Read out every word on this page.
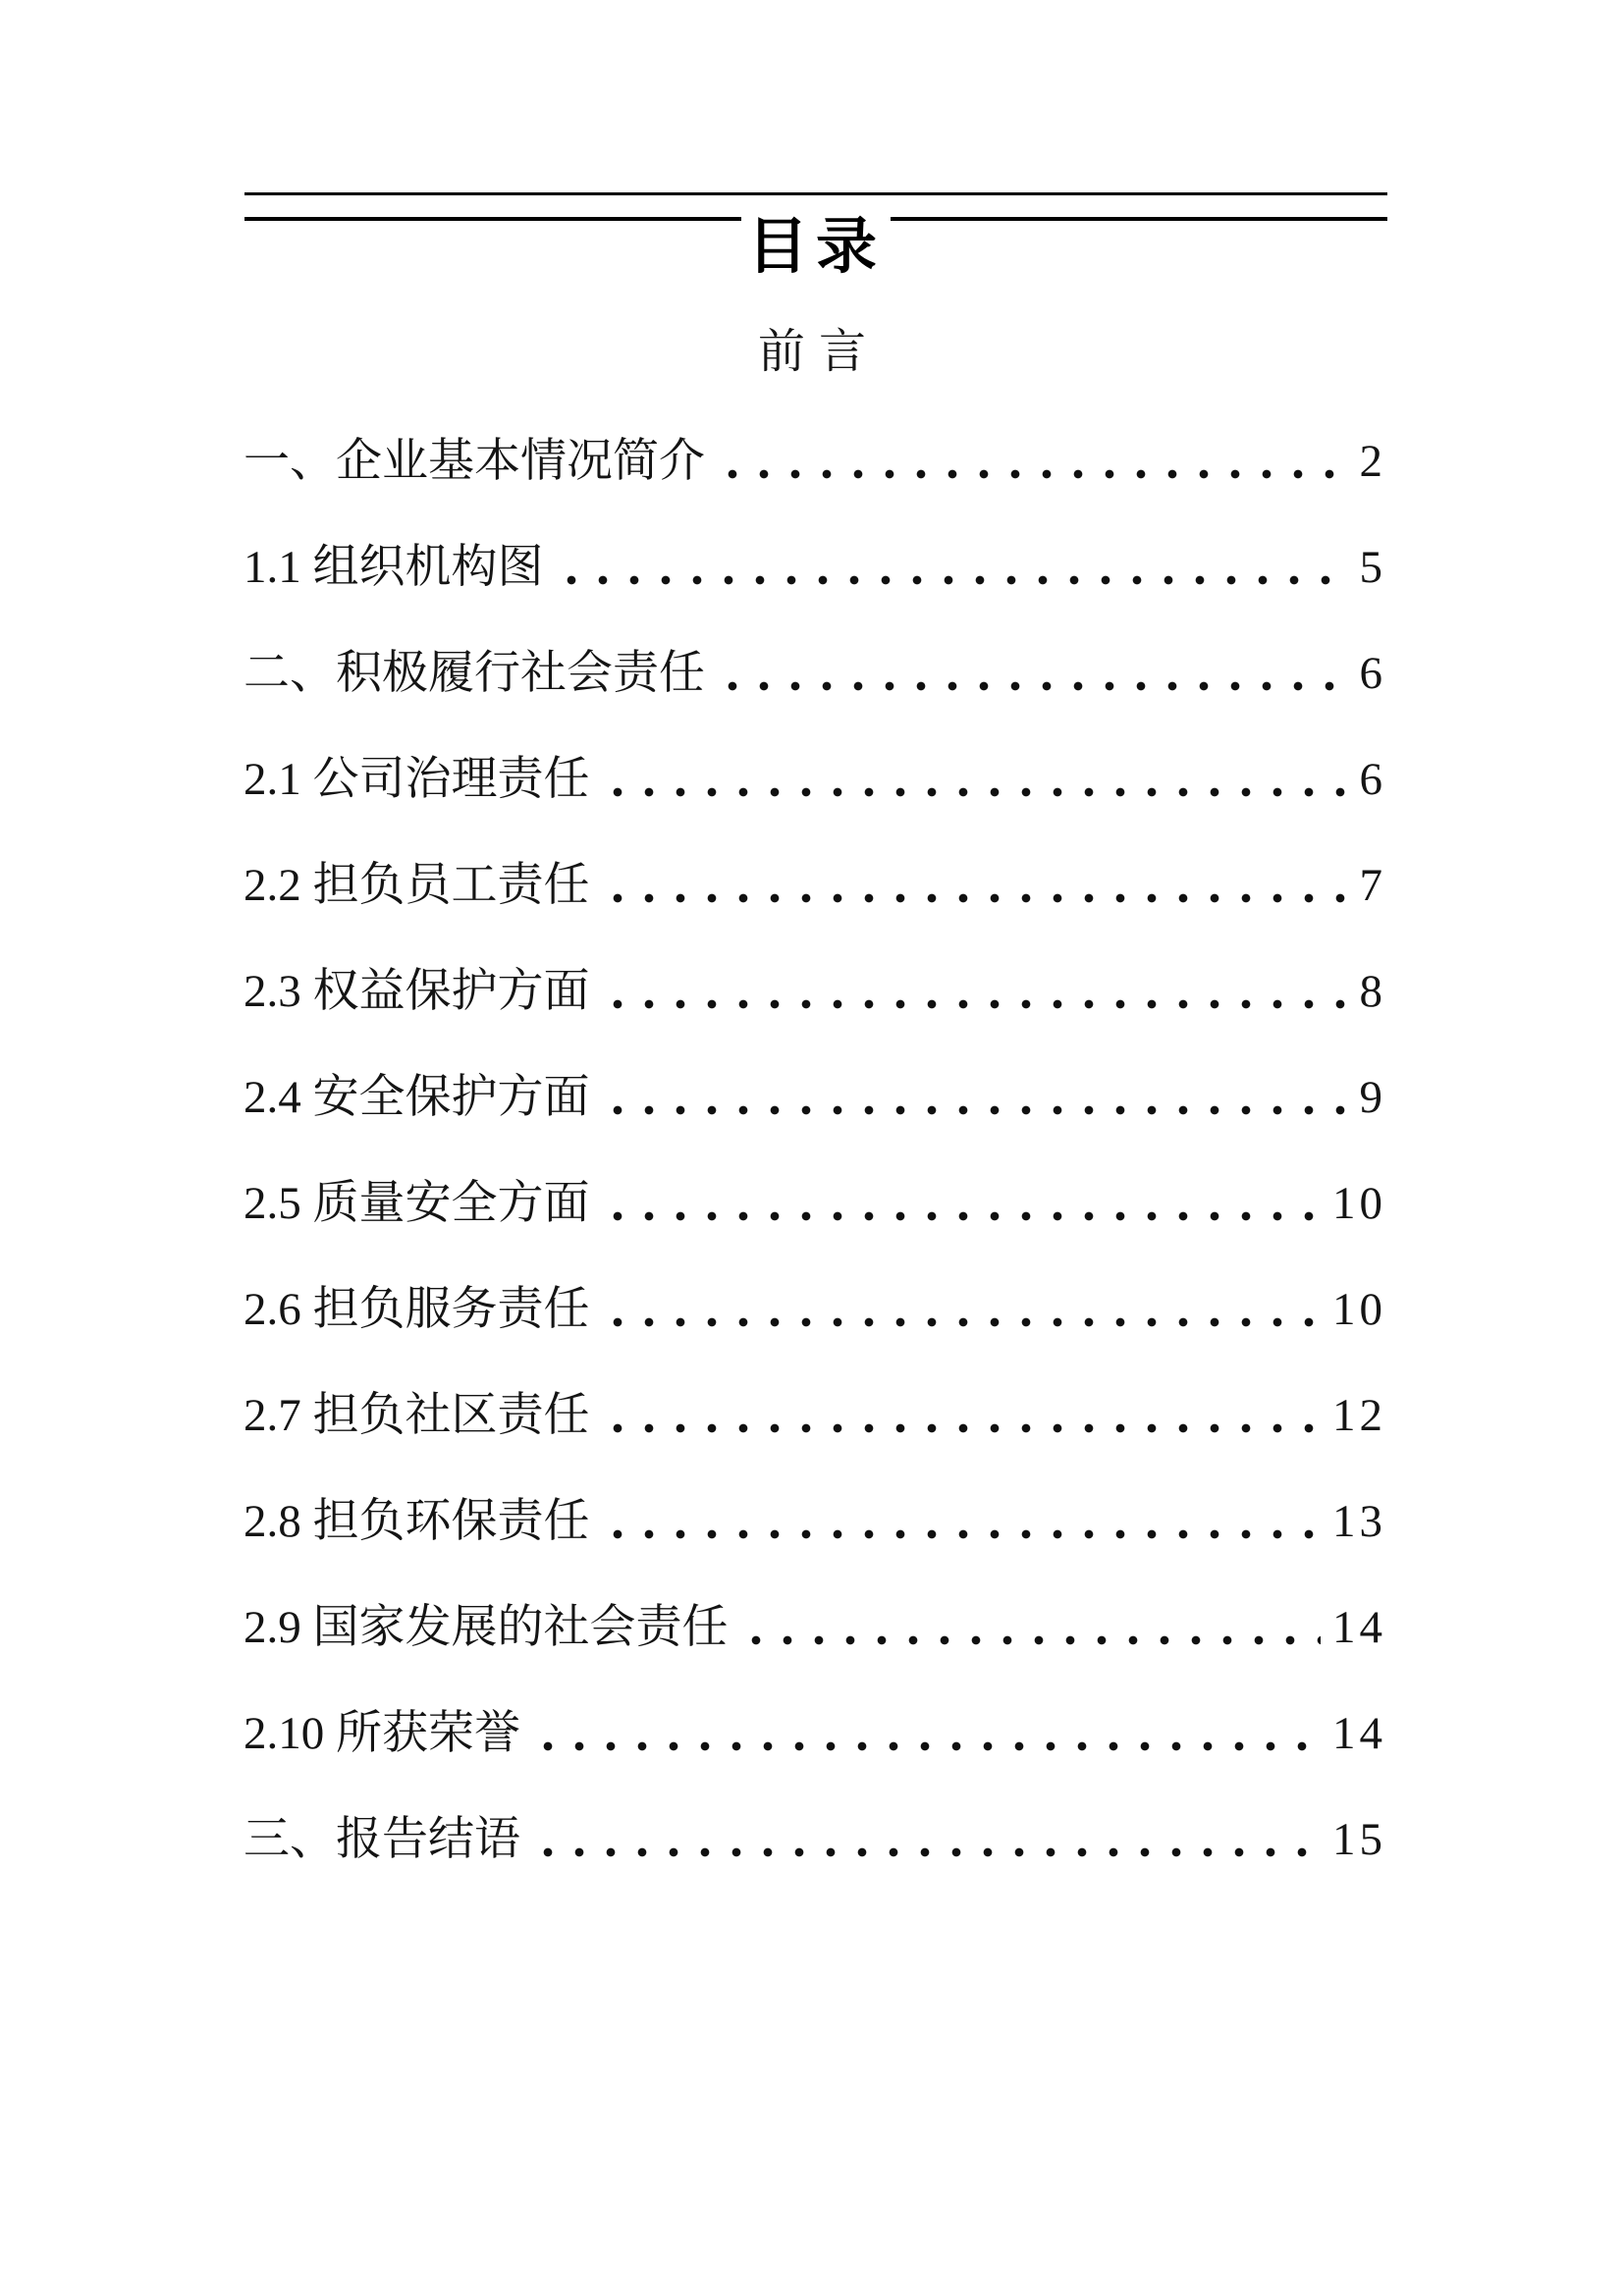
目录
前言
一、企业基本情况简介	2
1.1 组织机构图	5
二、积极履行社会责任	6
2.1 公司治理责任	6
2.2 担负员工责任	7
2.3 权益保护方面	8
2.4 安全保护方面	9
2.5 质量安全方面	10
2.6 担负服务责任	10
2.7 担负社区责任	12
2.8 担负环保责任	13
2.9 国家发展的社会责任	14
2.10 所获荣誉	14
三、报告结语	15
